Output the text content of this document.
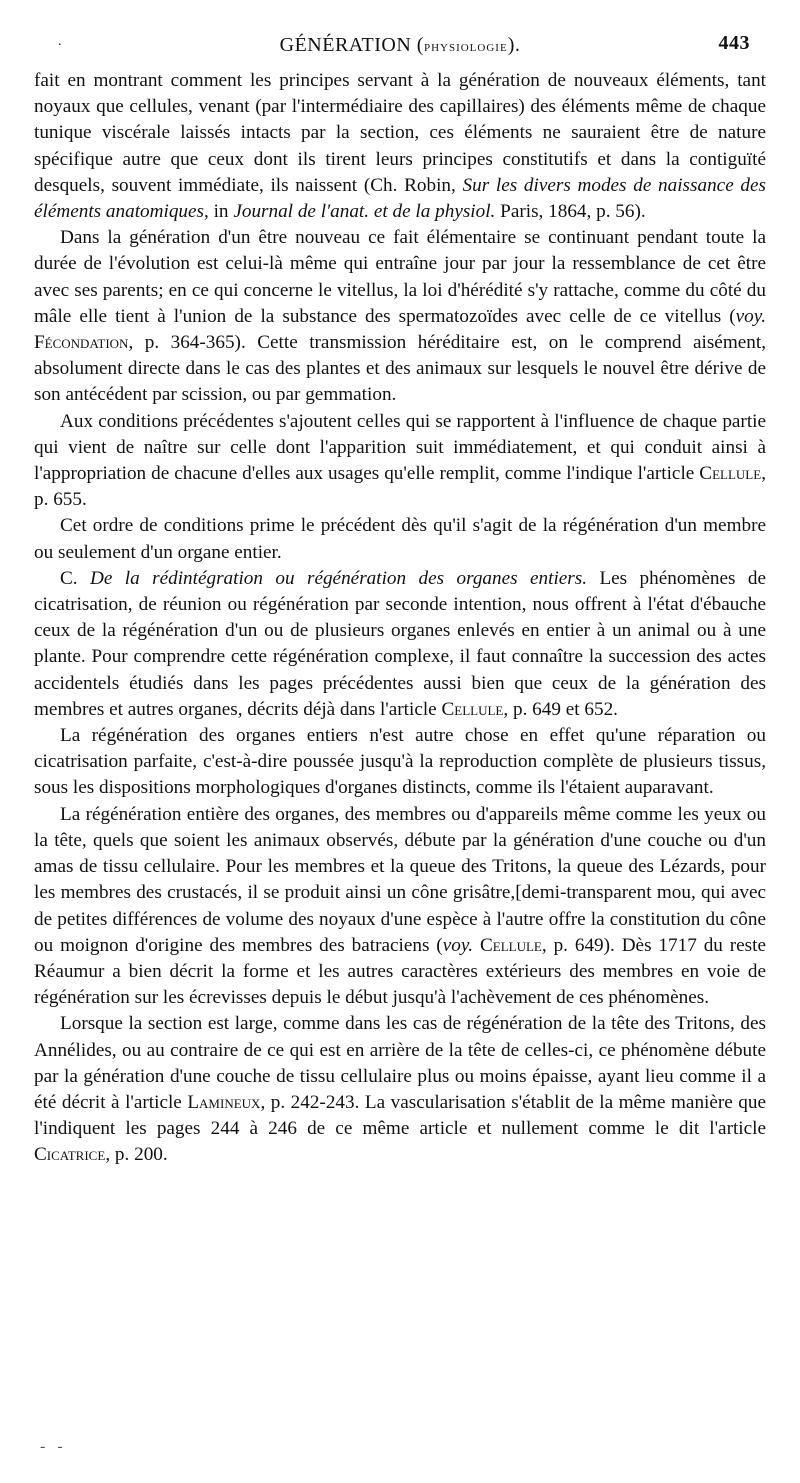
.	GÉNÉRATION (physiologie).	443

fait en montrant comment les principes servant à la génération de nouveaux éléments, tant noyaux que cellules, venant (par l'intermédiaire des capillaires) des éléments même de chaque tunique viscérale laissés intacts par la section, ces éléments ne sauraient être de nature spécifique autre que ceux dont ils tirent leurs principes constitutifs et dans la contiguïté desquels, souvent immédiate, ils naissent (Ch. Robin, Sur les divers modes de naissance des éléments anatomiques, in Journal de l'anat. et de la physiol. Paris, 1864, p. 56).

Dans la génération d'un être nouveau ce fait élémentaire se continuant pendant toute la durée de l'évolution est celui-là même qui entraîne jour par jour la ressemblance de cet être avec ses parents; en ce qui concerne le vitellus, la loi d'hérédité s'y rattache, comme du côté du mâle elle tient à l'union de la substance des spermatozoïdes avec celle de ce vitellus (voy. Fécondation, p. 364-365). Cette transmission héréditaire est, on le comprend aisément, absolument directe dans le cas des plantes et des animaux sur lesquels le nouvel être dérive de son antécédent par scission, ou par gemmation.

Aux conditions précédentes s'ajoutent celles qui se rapportent à l'influence de chaque partie qui vient de naître sur celle dont l'apparition suit immédiatement, et qui conduit ainsi à l'appropriation de chacune d'elles aux usages qu'elle remplit, comme l'indique l'article Cellule, p. 655.

Cet ordre de conditions prime le précédent dès qu'il s'agit de la régénération d'un membre ou seulement d'un organe entier.

C. De la rédintégration ou régénération des organes entiers. Les phénomènes de cicatrisation, de réunion ou régénération par seconde intention, nous offrent à l'état d'ébauche ceux de la régénération d'un ou de plusieurs organes enlevés en entier à un animal ou à une plante. Pour comprendre cette régénération complexe, il faut connaître la succession des actes accidentels étudiés dans les pages précédentes aussi bien que ceux de la génération des membres et autres organes, décrits déjà dans l'article Cellule, p. 649 et 652.

La régénération des organes entiers n'est autre chose en effet qu'une réparation ou cicatrisation parfaite, c'est-à-dire poussée jusqu'à la reproduction complète de plusieurs tissus, sous les dispositions morphologiques d'organes distincts, comme ils l'étaient auparavant.

La régénération entière des organes, des membres ou d'appareils même comme les yeux ou la tête, quels que soient les animaux observés, débute par la génération d'une couche ou d'un amas de tissu cellulaire. Pour les membres et la queue des Tritons, la queue des Lézards, pour les membres des crustacés, il se produit ainsi un cône grisâtre,[demi-transparent mou, qui avec de petites différences de volume des noyaux d'une espèce à l'autre offre la constitution du cône ou moignon d'origine des membres des batraciens (voy. Cellule, p. 649). Dès 1717 du reste Réaumur a bien décrit la forme et les autres caractères extérieurs des membres en voie de régénération sur les écrevisses depuis le début jusqu'à l'achèvement de ces phénomènes.

Lorsque la section est large, comme dans les cas de régénération de la tête des Tritons, des Annélides, ou au contraire de ce qui est en arrière de la tête de celles-ci, ce phénomène débute par la génération d'une couche de tissu cellulaire plus ou moins épaisse, ayant lieu comme il a été décrit à l'article Lamineux, p. 242-243. La vascularisation s'établit de la même manière que l'indiquent les pages 244 à 246 de ce même article et nullement comme le dit l'article Cicatrice, p. 200.

- -
